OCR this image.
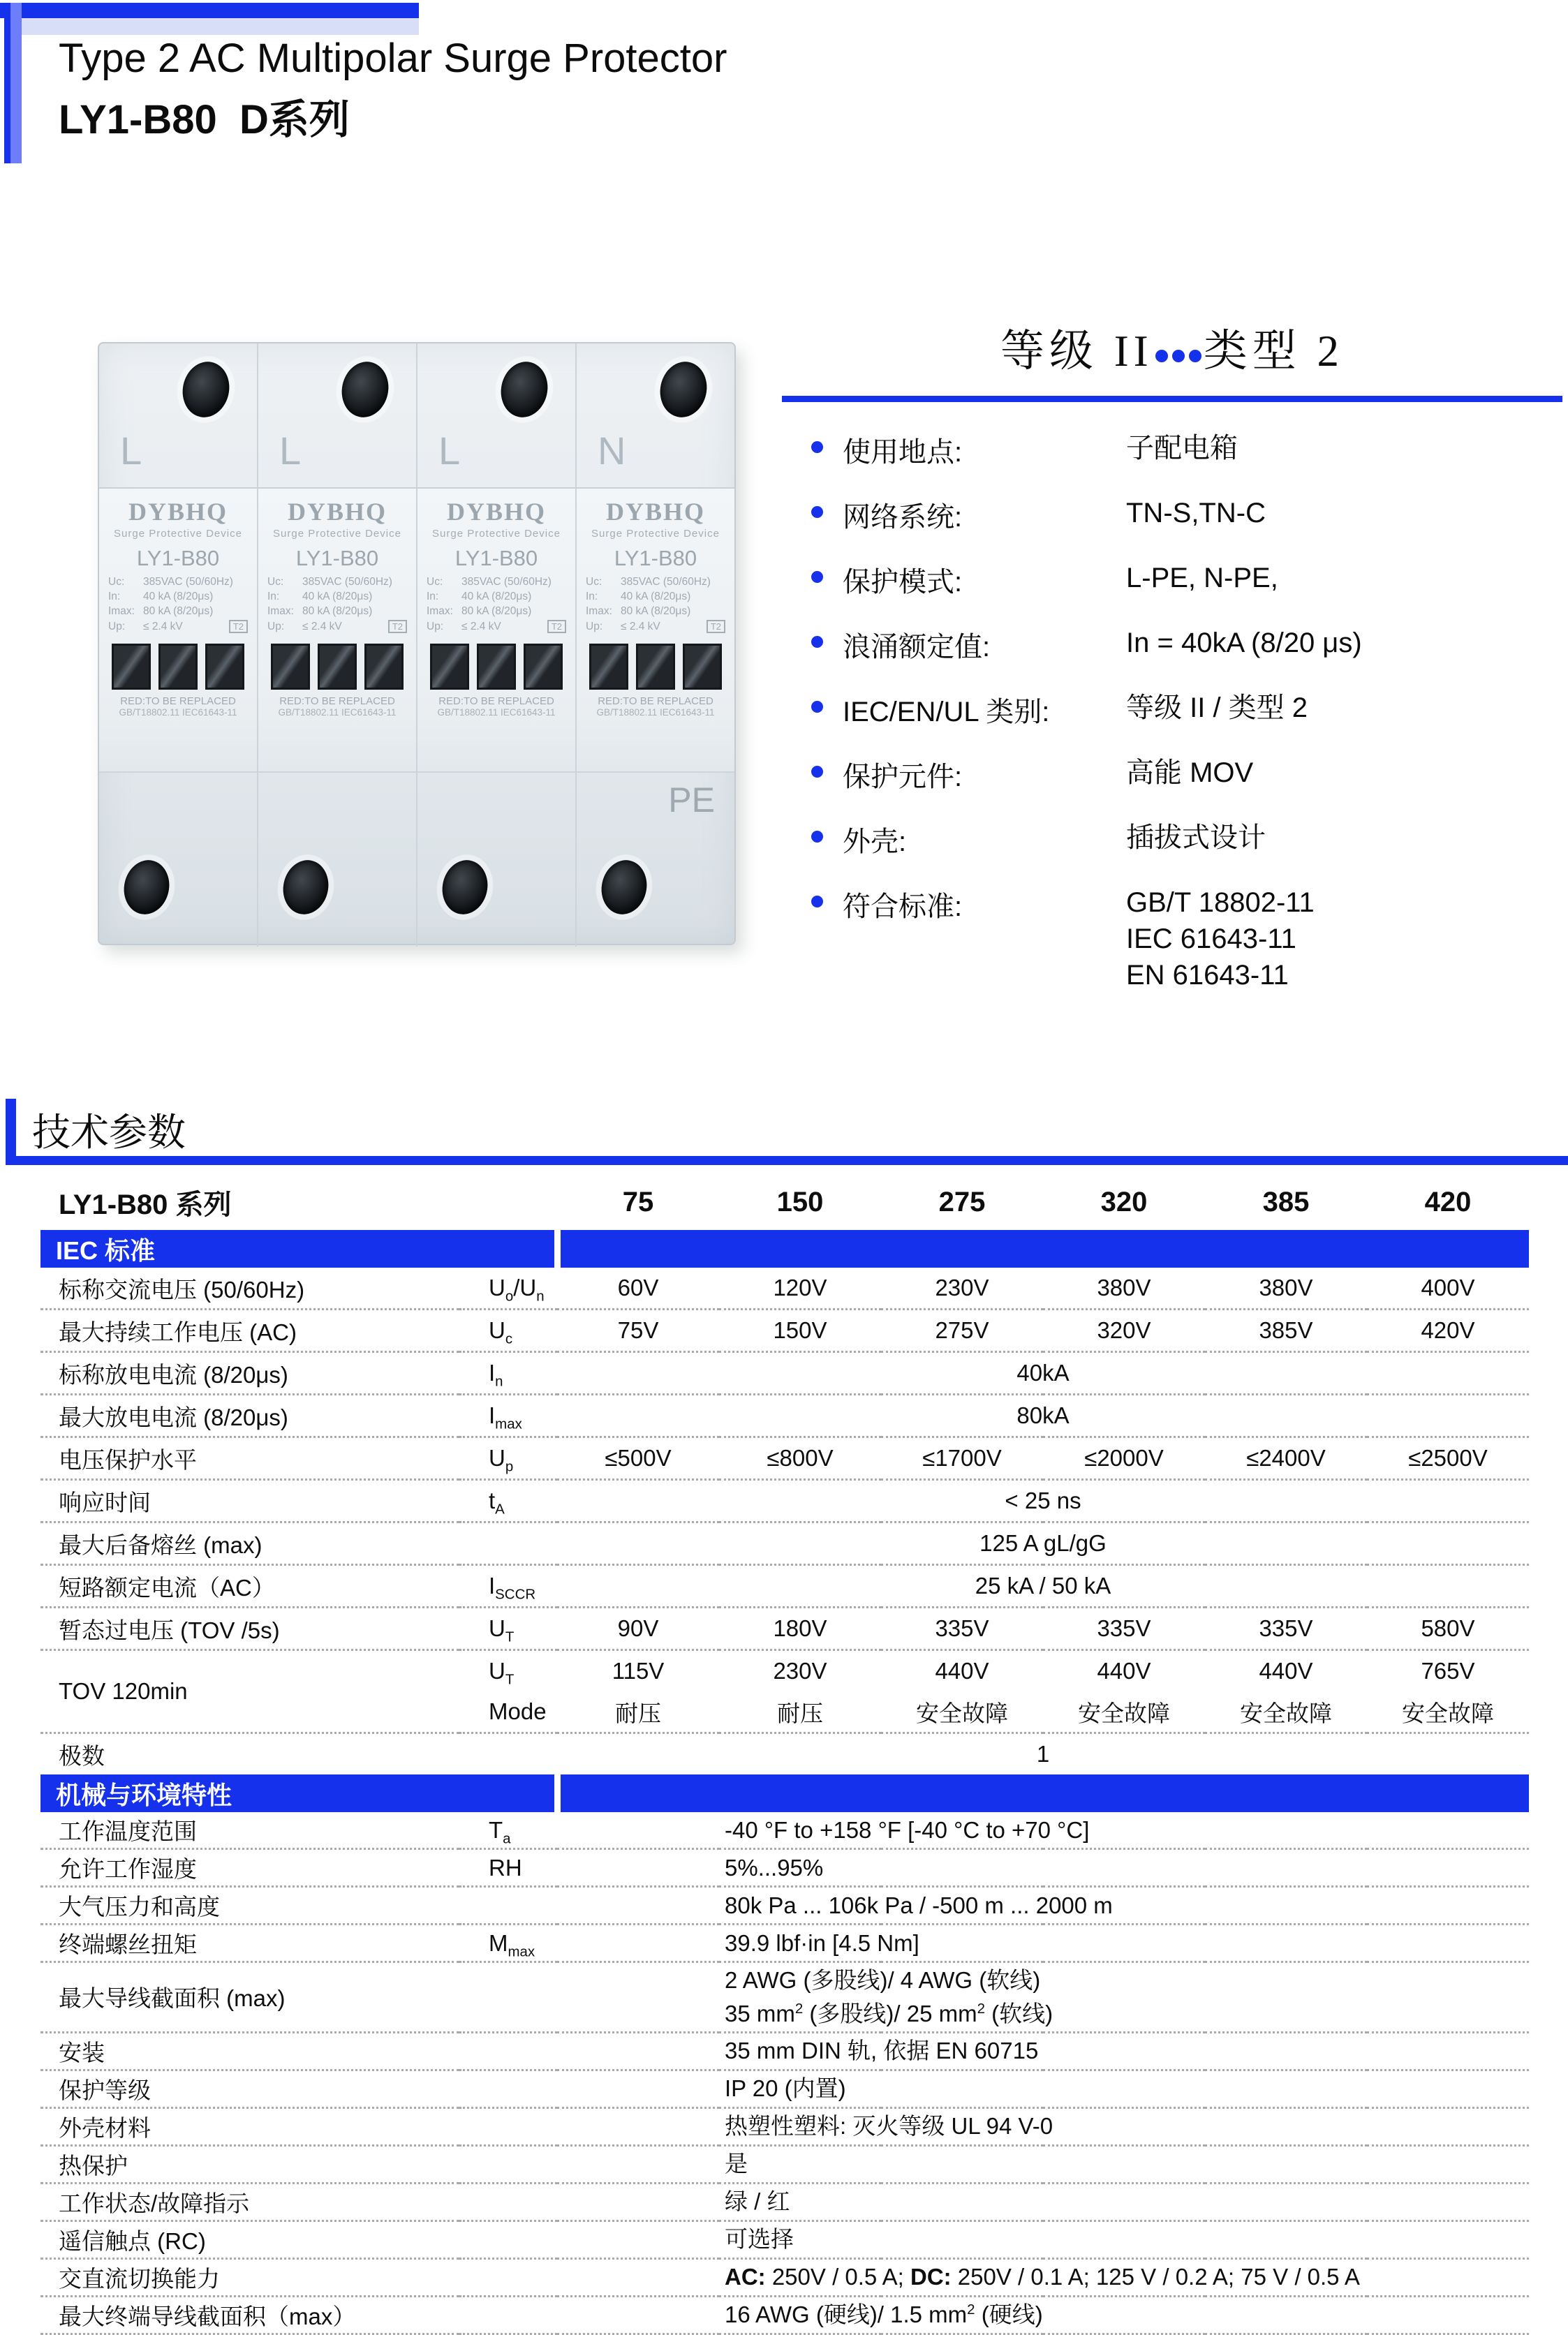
Type 2 AC Multipolar Surge Protector
LY1-B80  D系列
L	L	L	N
DYBHQ
Surge Protective Device
LY1-B80
Uc:	385VAC (50/60Hz)
In:	40 kA (8/20μs)
Imax: 80 kA (8/20μs)
Up:	≤ 2.4 kV	T2
RED:TO BE REPLACED
GB/T18802.11 IEC61643-11
DYBHQ
Surge Protective Device
LY1-B80
Uc:	385VAC (50/60Hz)
In:	40 kA (8/20μs)
Imax: 80 kA (8/20μs)
Up:	≤ 2.4 kV	T2
RED:TO BE REPLACED
GB/T18802.11 IEC61643-11
DYBHQ
Surge Protective Device
LY1-B80
Uc:	385VAC (50/60Hz)
In:	40 kA (8/20μs)
Imax: 80 kA (8/20μs)
Up:	≤ 2.4 kV	T2
RED:TO BE REPLACED
GB/T18802.11 IEC61643-11
DYBHQ
Surge Protective Device
LY1-B80
Uc:	385VAC (50/60Hz)
In:	40 kA (8/20μs)
Imax: 80 kA (8/20μs)
Up:	≤ 2.4 kV	T2
RED:TO BE REPLACED
GB/T18802.11 IEC61643-11
PE
等级 II 类型 2
使用地点:	子配电箱
网络系统:	TN-S,TN-C
保护模式:	L-PE, N-PE,
浪涌额定值:	In = 40kA (8/20 μs)
IEC/EN/UL 类别:	等级 II / 类型 2
保护元件:	高能 MOV
外壳:	插拔式设计
符合标准:	GB/T 18802-11
IEC 61643-11
EN 61643-11
技术参数
LY1-B80 系列		75	150	275	320	385	420
IEC 标准							
标称交流电压 (50/60Hz)	$U_o/U_n$	60V	120V	230V	380V	380V	400V
最大持续工作电压 (AC)	$U_c$	75V	150V	275V	320V	385V	420V
标称放电电流 (8/20μs)	$I_n$	40kA					
最大放电电流 (8/20μs)	$I_{max}$	80kA					
电压保护水平	$U_p$	≤500V	≤800V	≤1700V	≤2000V	≤2400V	≤2500V
响应时间	$t_A$	< 25 ns					
最大后备熔丝 (max)		125 A gL/gG					
短路额定电流（AC）	$I_{SCCR}$	25 kA / 50 kA					
暂态过电压 (TOV /5s)	$U_T$	90V	180V	335V	335V	335V	580V
TOV 120min	$U_T$	115V	230V	440V	440V	440V	765V
	Mode	耐压	耐压	安全故障	安全故障	安全故障	安全故障
极数		1					
机械与环境特性							
工作温度范围	$T_a$	-40 °F to +158 °F [-40 °C to +70 °C]					
允许工作湿度	RH	5%...95%					
大气压力和高度		80k Pa ... 106k Pa / -500 m ... 2000 m					
终端螺丝扭矩	$M_{max}$	39.9 lbf·in [4.5 Nm]					
最大导线截面积 (max)		2 AWG (多股线)/ 4 AWG (软线)
35 $mm^2$ (多股线)/ 25 $mm^2$ (软线)					
安装		35 mm DIN 轨, 依据 EN 60715					
保护等级		IP 20 (内置)					
外壳材料		热塑性塑料: 灭火等级 UL 94 V-0					
热保护		是					
工作状态/故障指示		绿 / 红					
遥信触点 (RC)		可选择					
交直流切换能力		AC: 250V / 0.5 A; DC: 250V / 0.1 A; 125 V / 0.2 A; 75 V / 0.5 A					
最大终端导线截面积（max）		16 AWG (硬线)/ 1.5 $mm^2$ (硬线)					
